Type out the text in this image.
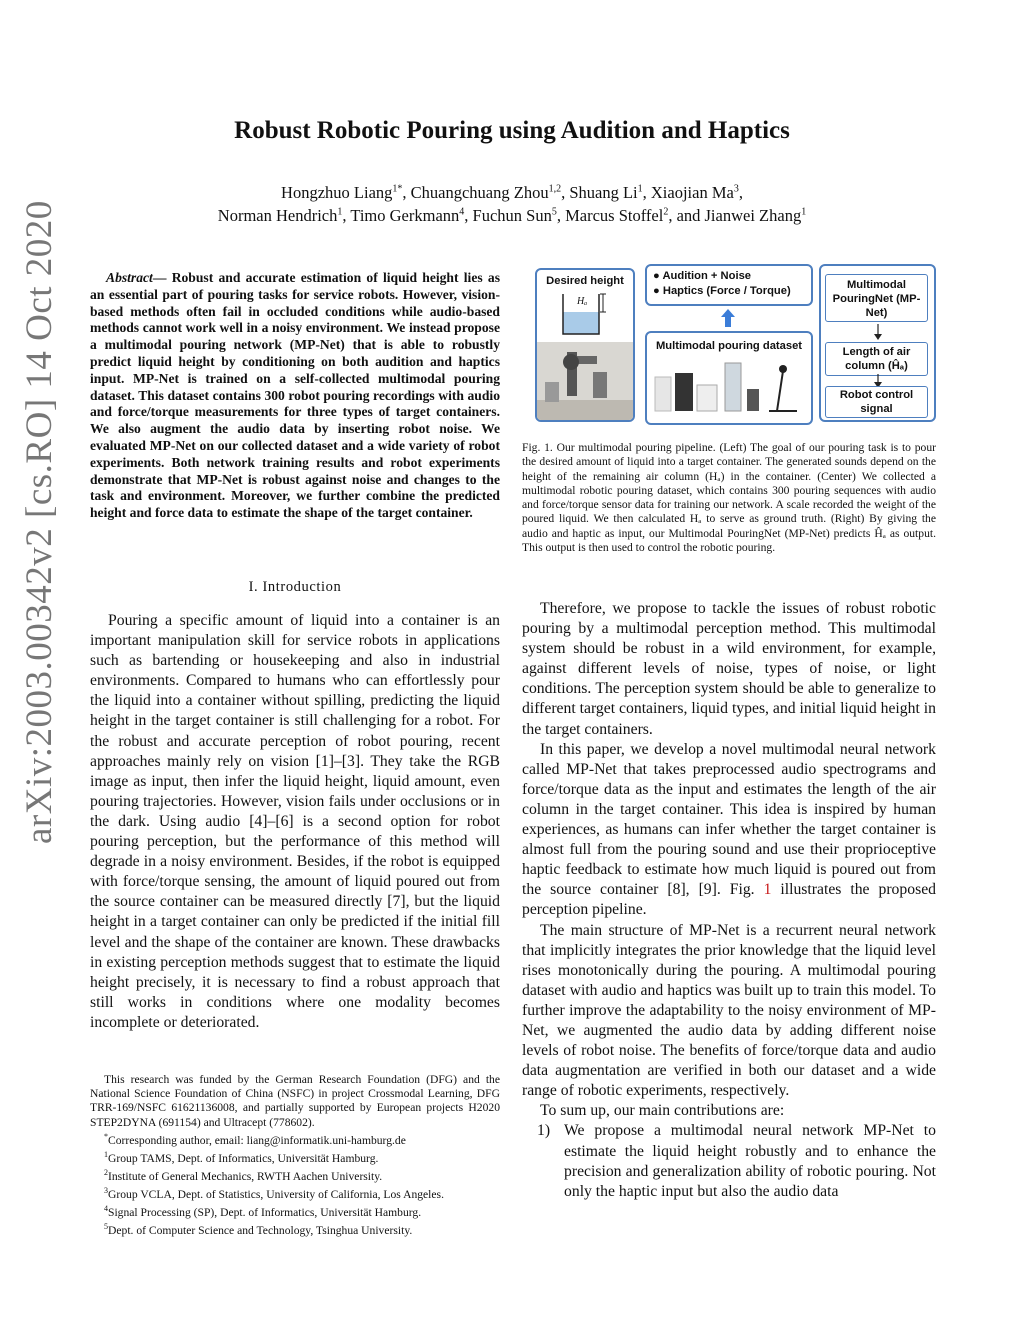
arXiv:2003.00342v2 [cs.RO] 14 Oct 2020
Robust Robotic Pouring using Audition and Haptics
Hongzhuo Liang$^{1*}$, Chuangchuang Zhou$^{1,2}$, Shuang Li$^1$, Xiaojian Ma$^3$,
Norman Hendrich$^1$, Timo Gerkmann$^4$, Fuchun Sun$^5$, Marcus Stoffel$^2$, and Jianwei Zhang$^1$
Abstract— Robust and accurate estimation of liquid height lies as an essential part of pouring tasks for service robots. However, vision-based methods often fail in occluded conditions while audio-based methods cannot work well in a noisy environment. We instead propose a multimodal pouring network (MP-Net) that is able to robustly predict liquid height by conditioning on both audition and haptics input. MP-Net is trained on a self-collected multimodal pouring dataset. This dataset contains 300 robot pouring recordings with audio and force/torque measurements for three types of target containers. We also augment the audio data by inserting robot noise. We evaluated MP-Net on our collected dataset and a wide variety of robot experiments. Both network training results and robot experiments demonstrate that MP-Net is robust against noise and changes to the task and environment. Moreover, we further combine the predicted height and force data to estimate the shape of the target container.
I. Introduction

Pouring a specific amount of liquid into a container is an important manipulation skill for service robots in applications such as bartending or housekeeping and also in industrial environments. Compared to humans who can effortlessly pour the liquid into a container without spilling, predicting the liquid height in the target container is still challenging for a robot. For the robust and accurate perception of robot pouring, recent approaches mainly rely on vision [1]–[3]. They take the RGB image as input, then infer the liquid height, liquid amount, even pouring trajectories. However, vision fails under occlusions or in the dark. Using audio [4]–[6] is a second option for robot pouring perception, but the performance of this method will degrade in a noisy environment. Besides, if the robot is equipped with force/torque sensing, the amount of liquid poured out from the source container can be measured directly [7], but the liquid height in a target container can only be predicted if the initial fill level and the shape of the container are known. These drawbacks in existing perception methods suggest that to estimate the liquid height precisely, it is necessary to find a robust approach that still works in conditions where one modality becomes incomplete or deteriorated.

This research was funded by the German Research Foundation (DFG) and the National Science Foundation of China (NSFC) in project Crossmodal Learning, DFG TRR-169/NSFC 61621136008, and partially supported by European projects H2020 STEP2DYNA (691154) and Ultracept (778602).

*Corresponding author, email: liang@informatik.uni-hamburg.de

$^1$Group TAMS, Dept. of Informatics, Universität Hamburg.

$^2$Institute of General Mechanics, RWTH Aachen University.

$^3$Group VCLA, Dept. of Statistics, University of California, Los Angeles.

$^4$Signal Processing (SP), Dept. of Informatics, Universität Hamburg.

$^5$Dept. of Computer Science and Technology, Tsinghua University.

Desired height
Hₐ
● Audition + Noise
● Haptics (Force / Torque)
Multimodal pouring dataset
Multimodal PouringNet (MP-Net)
Length of air column (Ĥₐ)
Robot control signal
Fig. 1. Our multimodal pouring pipeline. (Left) The goal of our pouring task is to pour the desired amount of liquid into a target container. The generated sounds depend on the height of the remaining air column (Hₐ) in the container. (Center) We collected a multimodal robotic pouring dataset, which contains 300 pouring sequences with audio and force/torque sensor data for training our network. A scale recorded the weight of the poured liquid. We then calculated Hₐ to serve as ground truth. (Right) By giving the audio and haptic as input, our Multimodal PouringNet (MP-Net) predicts Ĥₐ as output. This output is then used to control the robotic pouring.

Therefore, we propose to tackle the issues of robust robotic pouring by a multimodal perception method. This multimodal system should be robust in a wild environment, for example, against different levels of noise, types of noise, or light conditions. The perception system should be able to generalize to different target containers, liquid types, and initial liquid height in the target containers.

In this paper, we develop a novel multimodal neural network called MP-Net that takes preprocessed audio spectrograms and force/torque data as the input and estimates the length of the air column in the target container. This idea is inspired by human experiences, as humans can infer whether the target container is almost full from the pouring sound and use their proprioceptive haptic feedback to estimate how much liquid is poured out from the source container [8], [9]. Fig. 1 illustrates the proposed perception pipeline.

The main structure of MP-Net is a recurrent neural network that implicitly integrates the prior knowledge that the liquid level rises monotonically during the pouring. A multimodal pouring dataset with audio and haptics was built up to train this model. To further improve the adaptability to the noisy environment of MP-Net, we augmented the audio data by adding different noise levels of robot noise. The benefits of force/torque data and audio data augmentation are verified in both our dataset and a wide range of robotic experiments, respectively.

To sum up, our main contributions are:

1) We propose a multimodal neural network MP-Net to estimate the liquid height robustly and to enhance the precision and generalization ability of robotic pouring. Not only the haptic input but also the audio data
